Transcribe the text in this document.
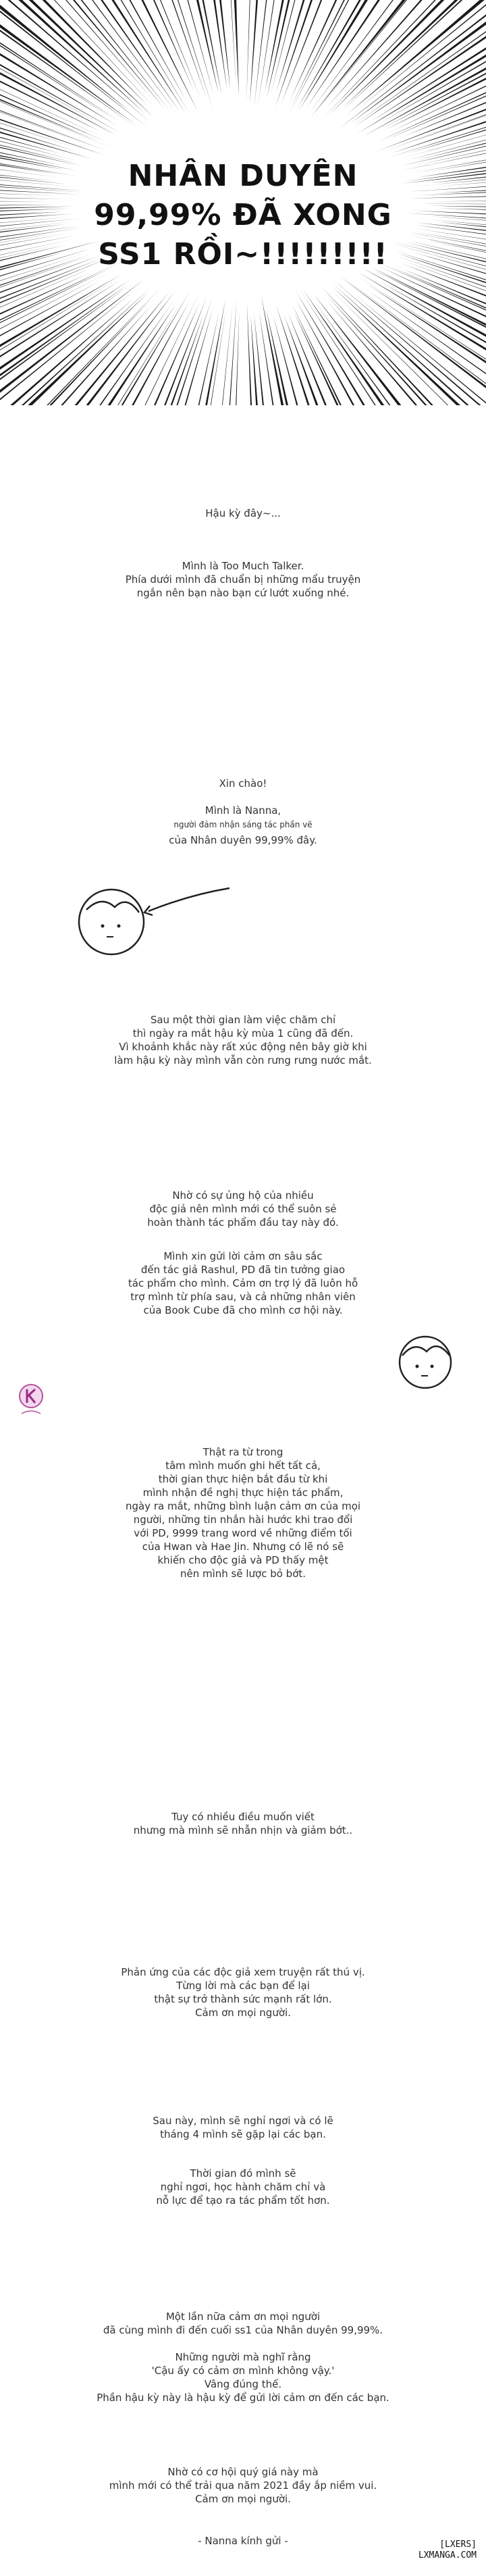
NHÂN DUYÊN
99,99% ĐÃ XONG
SS1 RỒI~!!!!!!!!!
Hậu kỳ đây~...
Mình là Too Much Talker.
Phía dưới mình đã chuẩn bị những mẩu truyện
ngắn nên bạn nào bạn cứ lướt xuống nhé.
Xin chào!
Mình là Nanna,
người đảm nhận sáng tác phần vẽ
của Nhân duyên 99,99% đây.
Sau một thời gian làm việc chăm chỉ
thì ngày ra mắt hậu kỳ mùa 1 cũng đã đến.
Vì khoảnh khắc này rất xúc động nên bây giờ khi
làm hậu kỳ này mình vẫn còn rưng rưng nước mắt.
Nhờ có sự ủng hộ của nhiều
độc giả nên mình mới có thể suôn sẻ
hoàn thành tác phẩm đầu tay này đó.
Mình xin gửi lời cảm ơn sâu sắc
đến tác giả Rashul, PD đã tin tưởng giao
tác phẩm cho mình. Cảm ơn trợ lý đã luôn hỗ
trợ mình từ phía sau, và cả những nhân viên
của Book Cube đã cho mình cơ hội này.
Thật ra từ trong
tâm mình muốn ghi hết tất cả,
thời gian thực hiện bắt đầu từ khi
mình nhận đề nghị thực hiện tác phẩm,
ngày ra mắt, những bình luận cảm ơn của mọi
người, những tin nhắn hài hước khi trao đổi
với PD, 9999 trang word về những điểm tối
của Hwan và Hae Jin. Nhưng có lẽ nó sẽ
khiến cho độc giả và PD thấy mệt
nên mình sẽ lược bỏ bớt.
Tuy có nhiều điều muốn viết
nhưng mà mình sẽ nhẫn nhịn và giảm bớt..
Phản ứng của các độc giả xem truyện rất thú vị.
Từng lời mà các bạn để lại
thật sự trở thành sức mạnh rất lớn.
Cảm ơn mọi người.
Sau này, mình sẽ nghỉ ngơi và có lẽ
tháng 4 mình sẽ gặp lại các bạn.
Thời gian đó mình sẽ
nghỉ ngơi, học hành chăm chỉ và
nỗ lực để tạo ra tác phẩm tốt hơn.
Một lần nữa cảm ơn mọi người
đã cùng mình đi đến cuối ss1 của Nhân duyên 99,99%.
Những người mà nghĩ rằng
'Cậu ấy có cảm ơn mình không vậy.'
Vâng đúng thế.
Phần hậu kỳ này là hậu kỳ để gửi lời cảm ơn đến các bạn.
Nhờ có cơ hội quý giá này mà
mình mới có thể trải qua năm 2021 đầy ắp niềm vui.
Cảm ơn mọi người.
- Nanna kính gửi -	[LXERS]
LXMANGA.COM
